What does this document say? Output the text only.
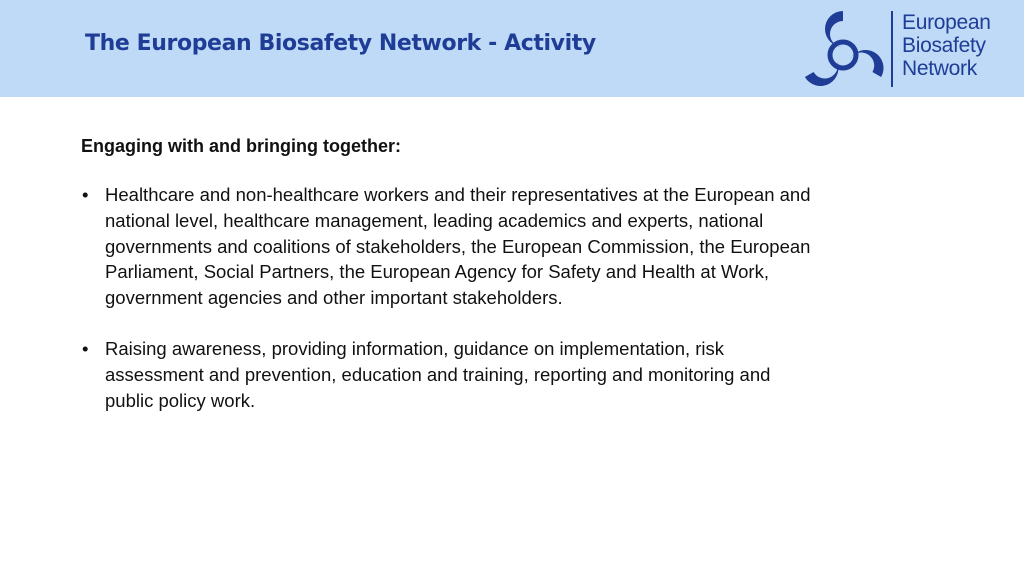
The European Biosafety Network - Activity
European
Biosafety
Network

Engaging with and bringing together:

• Healthcare and non-healthcare workers and their representatives at the European and national level, healthcare management, leading academics and experts, national governments and coalitions of stakeholders, the European Commission, the European Parliament, Social Partners, the European Agency for Safety and Health at Work, government agencies and other important stakeholders.
• Raising awareness, providing information, guidance on implementation, risk assessment and prevention, education and training, reporting and monitoring and public policy work.
